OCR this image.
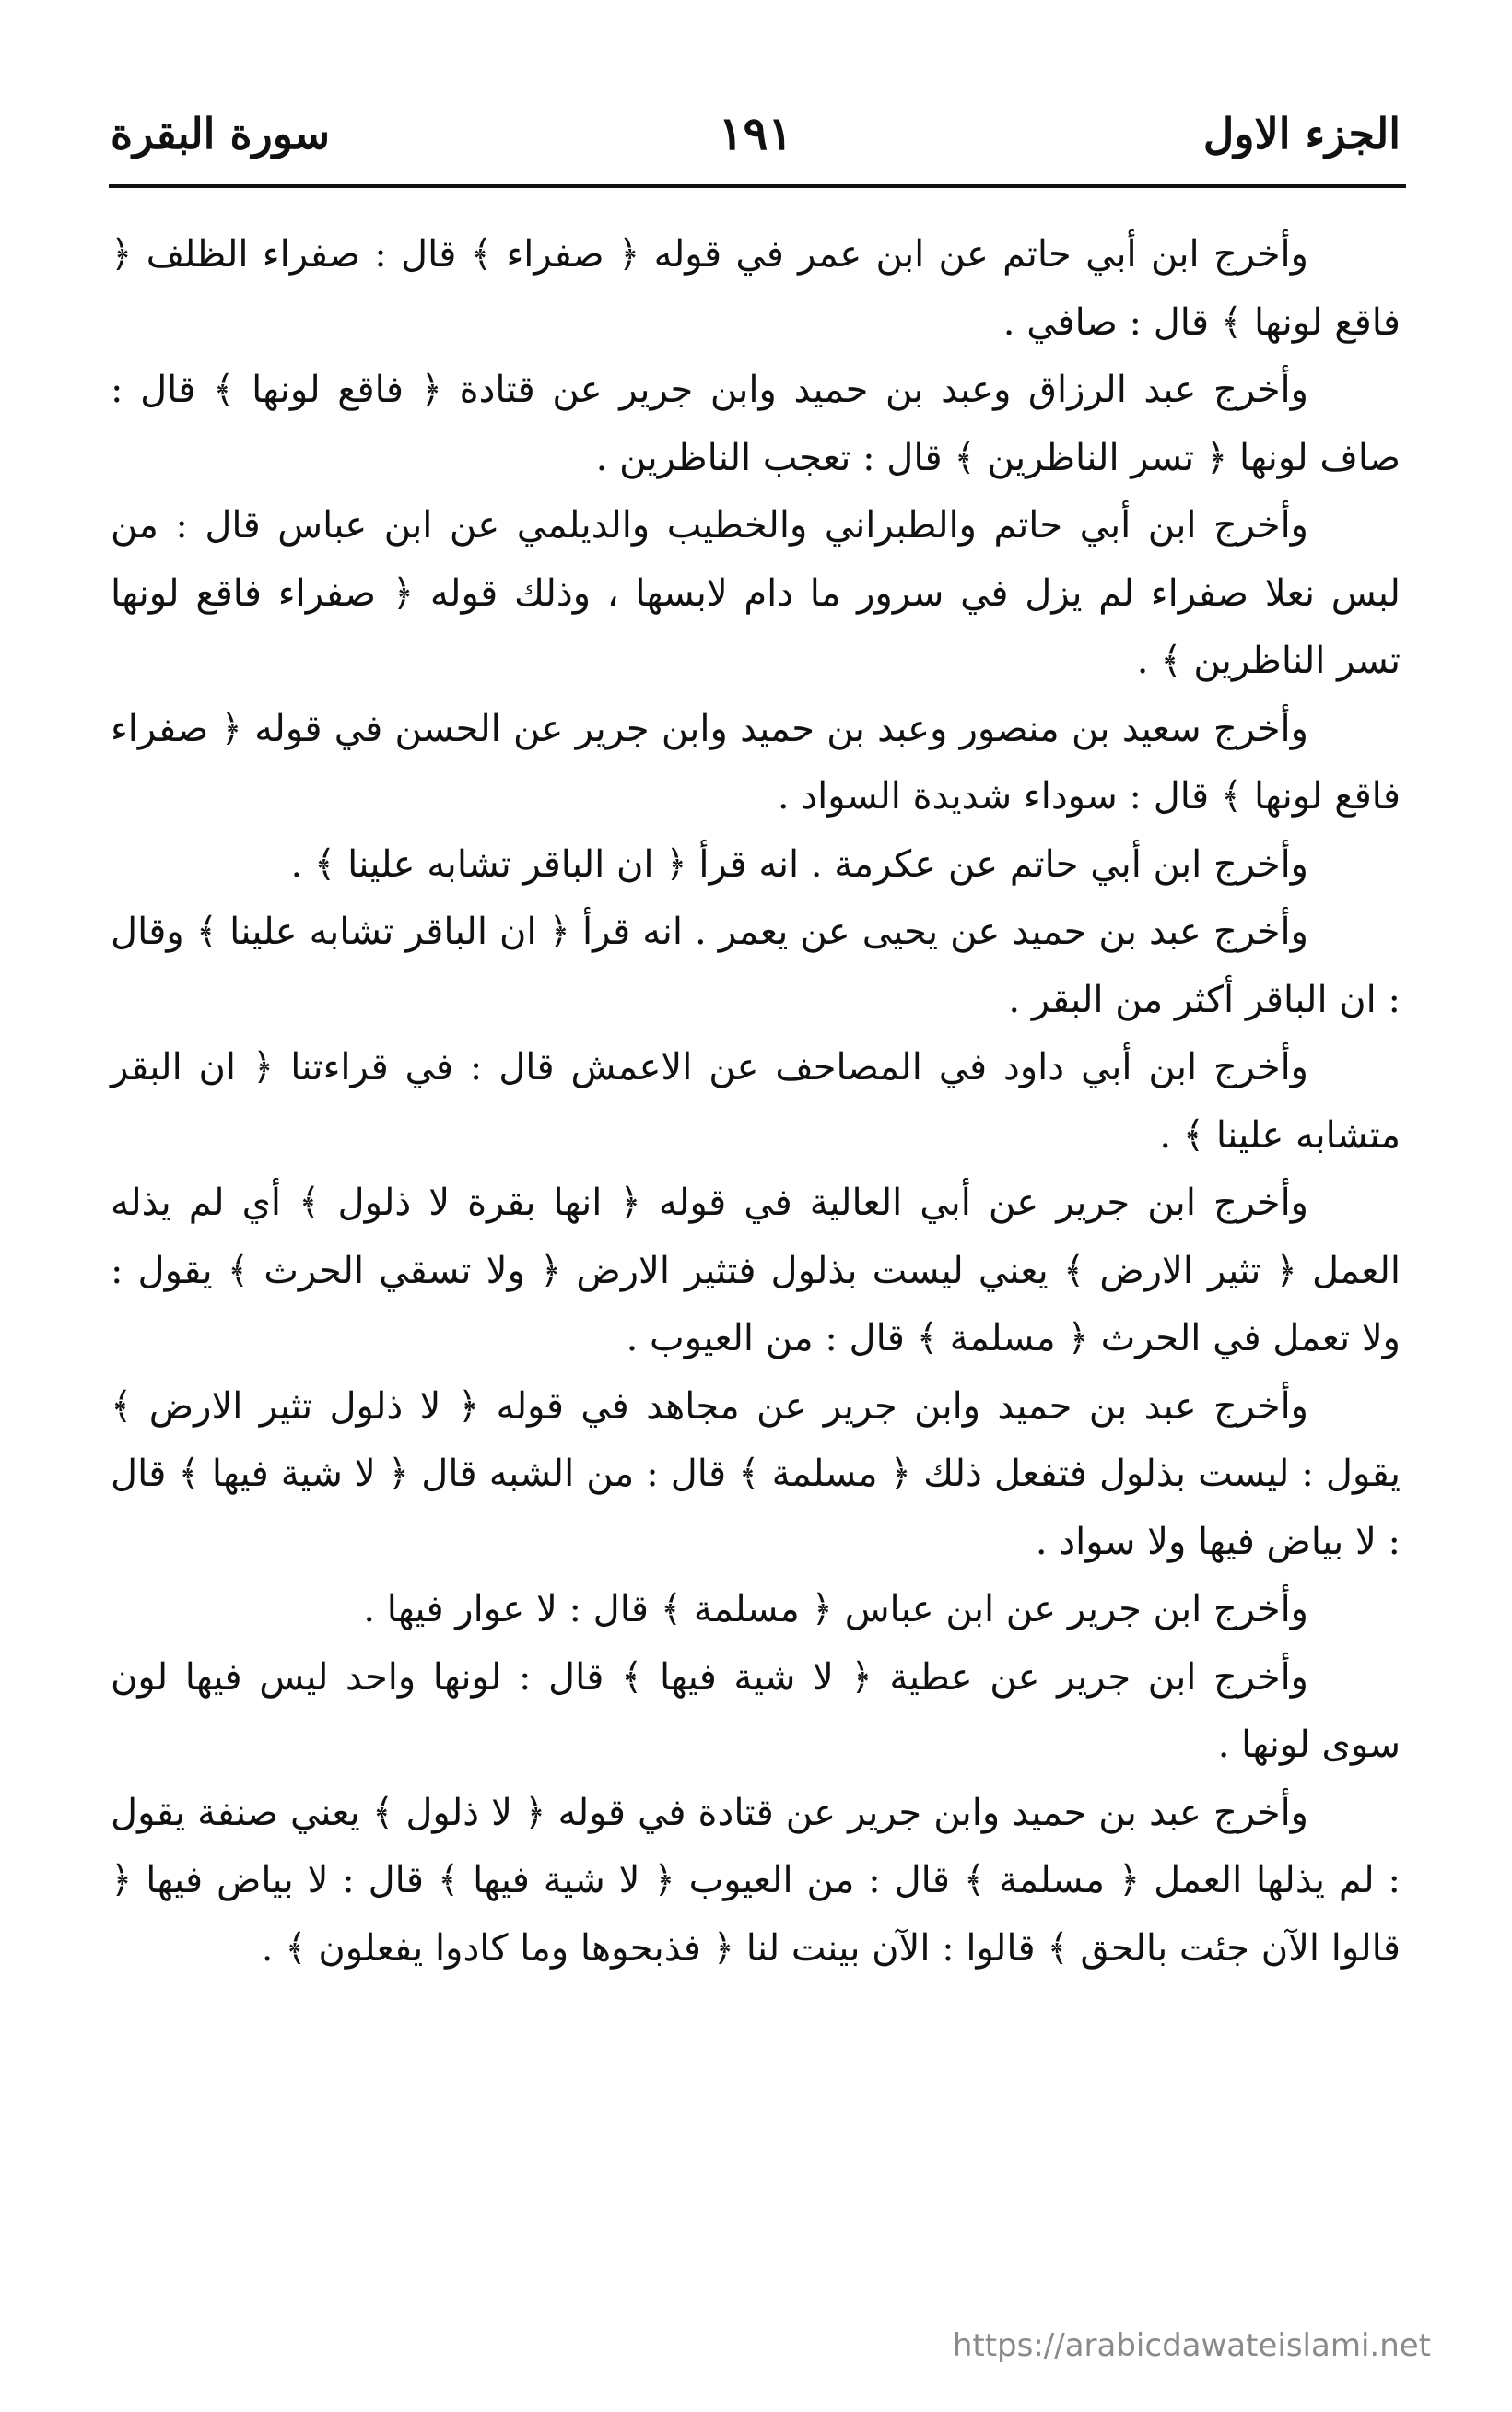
الجزء الاول
١٩١
سورة البقرة

وأخرج ابن أبي حاتم عن ابن عمر في قوله ﴿ صفراء ﴾ قال : صفراء الظلف ﴿ فاقع لونها ﴾ قال : صافي .

وأخرج عبد الرزاق وعبد بن حميد وابن جرير عن قتادة ﴿ فاقع لونها ﴾ قال : صاف لونها ﴿ تسر الناظرين ﴾ قال : تعجب الناظرين .

وأخرج ابن أبي حاتم والطبراني والخطيب والديلمي عن ابن عباس قال : من لبس نعلا صفراء لم يزل في سرور ما دام لابسها ، وذلك قوله ﴿ صفراء فاقع لونها تسر الناظرين ﴾ .

وأخرج سعيد بن منصور وعبد بن حميد وابن جرير عن الحسن في قوله ﴿ صفراء فاقع لونها ﴾ قال : سوداء شديدة السواد .

وأخرج ابن أبي حاتم عن عكرمة . انه قرأ ﴿ ان الباقر تشابه علينا ﴾ .

وأخرج عبد بن حميد عن يحيى عن يعمر . انه قرأ ﴿ ان الباقر تشابه علينا ﴾ وقال : ان الباقر أكثر من البقر .

وأخرج ابن أبي داود في المصاحف عن الاعمش قال : في قراءتنا ﴿ ان البقر متشابه علينا ﴾ .

وأخرج ابن جرير عن أبي العالية في قوله ﴿ انها بقرة لا ذلول ﴾ أي لم يذله العمل ﴿ تثير الارض ﴾ يعني ليست بذلول فتثير الارض ﴿ ولا تسقي الحرث ﴾ يقول : ولا تعمل في الحرث ﴿ مسلمة ﴾ قال : من العيوب .

وأخرج عبد بن حميد وابن جرير عن مجاهد في قوله ﴿ لا ذلول تثير الارض ﴾ يقول : ليست بذلول فتفعل ذلك ﴿ مسلمة ﴾ قال : من الشبه قال ﴿ لا شية فيها ﴾ قال : لا بياض فيها ولا سواد .

وأخرج ابن جرير عن ابن عباس ﴿ مسلمة ﴾ قال : لا عوار فيها .

وأخرج ابن جرير عن عطية ﴿ لا شية فيها ﴾ قال : لونها واحد ليس فيها لون سوى لونها .

وأخرج عبد بن حميد وابن جرير عن قتادة في قوله ﴿ لا ذلول ﴾ يعني صنفة يقول : لم يذلها العمل ﴿ مسلمة ﴾ قال : من العيوب ﴿ لا شية فيها ﴾ قال : لا بياض فيها ﴿ قالوا الآن جئت بالحق ﴾ قالوا : الآن بينت لنا ﴿ فذبحوها وما كادوا يفعلون ﴾ .

https://arabicdawateislami.net
